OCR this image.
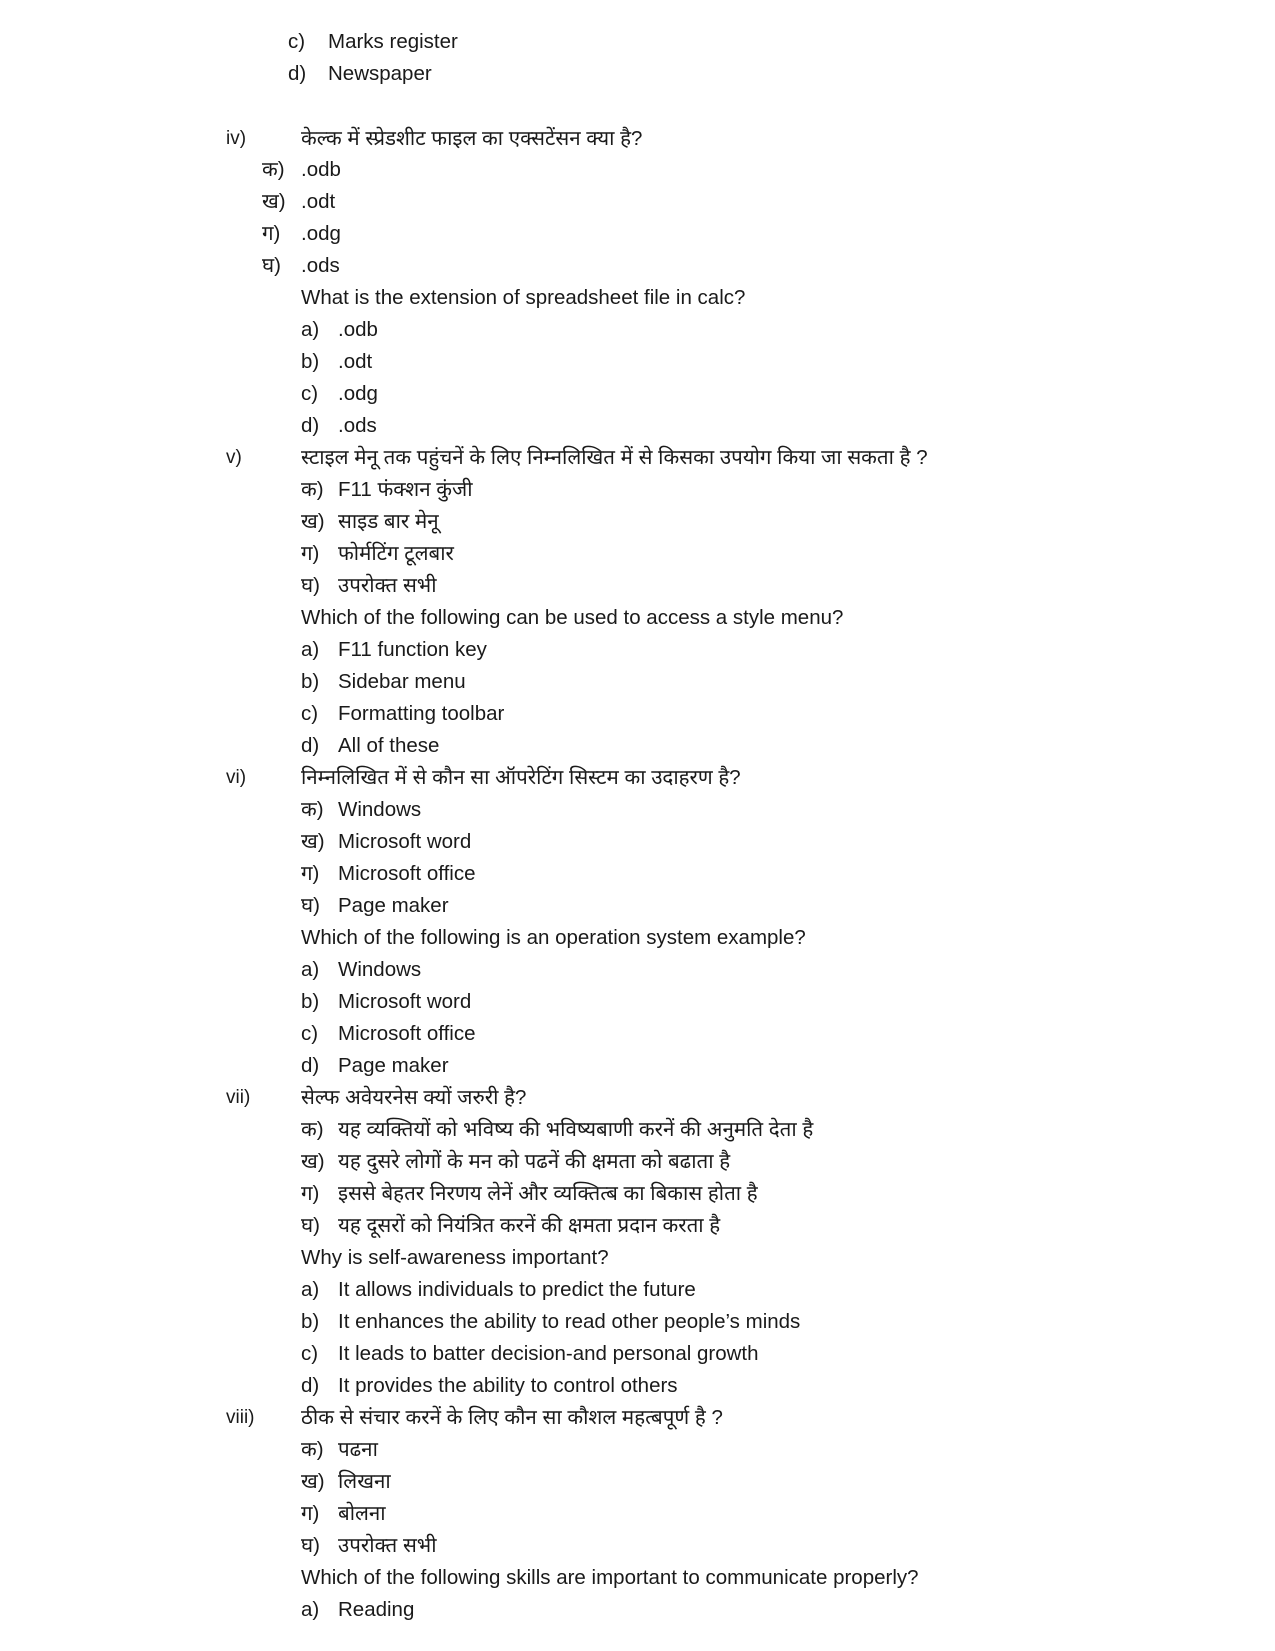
c) Marks register
d) Newspaper
iv)	केल्क में स्प्रेडशीट फाइल का एक्सटेंसन क्या है?
क) .odb
ख) .odt
ग) .odg
घ) .ods
What is the extension of spreadsheet file in calc?
a) .odb
b) .odt
c) .odg
d) .ods
v)	स्टाइल मेनू तक पहुंचनें के लिए निम्नलिखित में से किसका उपयोग किया जा सकता है ?
क) F11 फंक्शन कुंजी
ख) साइड बार मेनू
ग) फोर्मटिंग टूलबार
घ) उपरोक्त सभी
Which of the following can be used to access a style menu?
a) F11 function key
b) Sidebar menu
c) Formatting toolbar
d) All of these
vi)	निम्नलिखित में से कौन सा ऑपरेटिंग सिस्टम का उदाहरण है?
क) Windows
ख) Microsoft word
ग) Microsoft office
घ) Page maker
Which of the following is an operation system example?
a) Windows
b) Microsoft word
c) Microsoft office
d) Page maker
vii) सेल्फ अवेयरनेस क्यों जरुरी है?
क) यह व्यक्तियों को भविष्य की भविष्यबाणी करनें की अनुमति देता है
ख) यह दुसरे लोगों के मन को पढनें की क्षमता को बढाता है
ग) इससे बेहतर निरणय लेनें और व्यक्तित्ब का बिकास होता है
घ) यह दूसरों को नियंत्रित करनें की क्षमता प्रदान करता है
Why is self-awareness important?
a) It allows individuals to predict the future
b) It enhances the ability to read other people’s minds
c) It leads to batter decision-and personal growth
d) It provides the ability to control others
viii) ठीक से संचार करनें के लिए कौन सा कौशल महत्बपूर्ण है ?
क) पढना
ख) लिखना
ग) बोलना
घ) उपरोक्त सभी
Which of the following skills are important to communicate properly?
a) Reading
